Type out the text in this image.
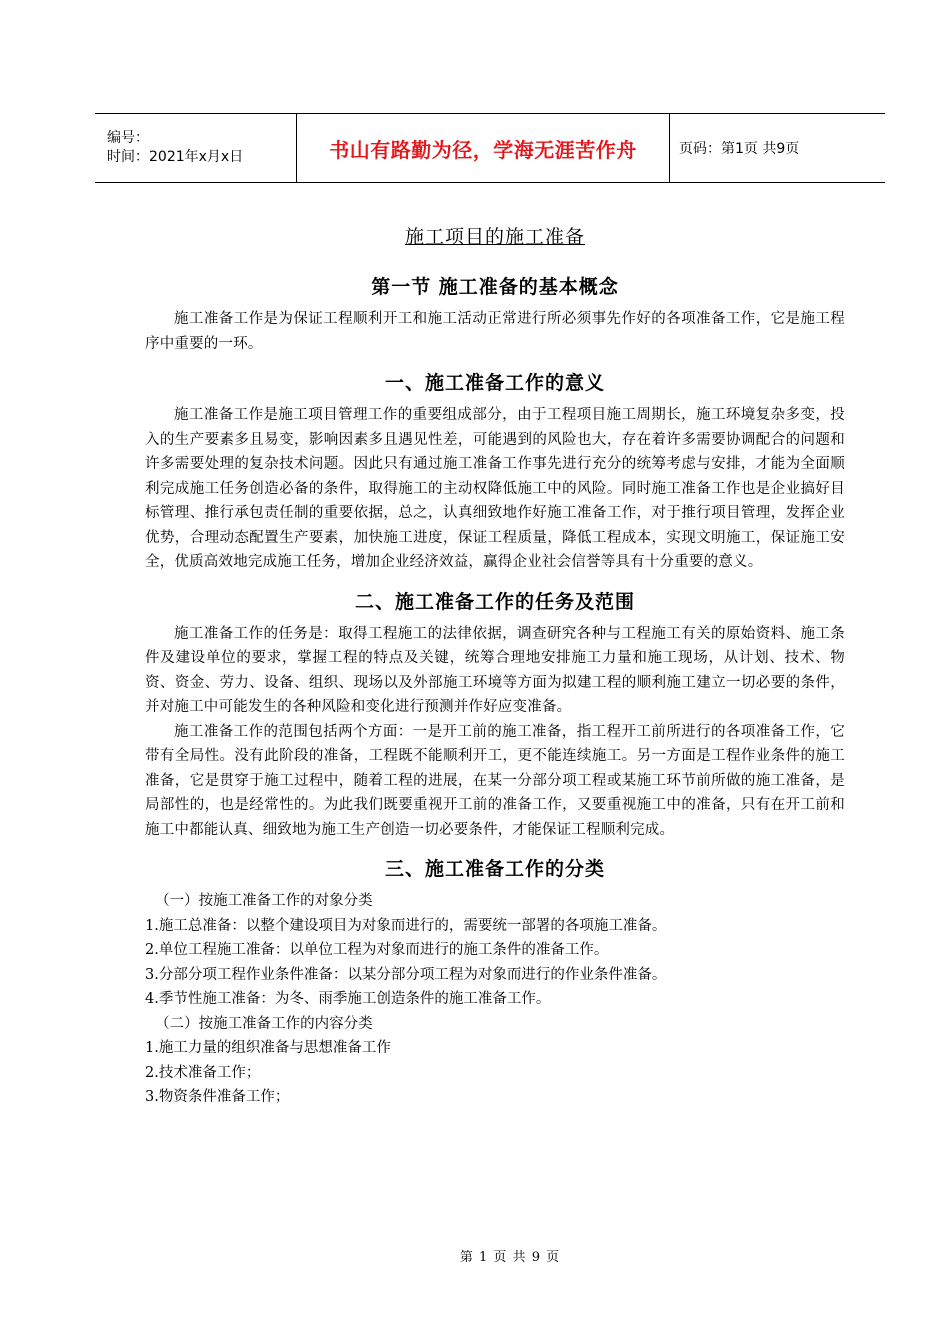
编号：
时间：2021年x月x日	书山有路勤为径，学海无涯苦作舟	页码：第1页 共9页
施工项目的施工准备
第一节 施工准备的基本概念

施工准备工作是为保证工程顺利开工和施工活动正常进行所必须事先作好的各项准备工作，它是施工程序中重要的一环。

一、施工准备工作的意义

施工准备工作是施工项目管理工作的重要组成部分，由于工程项目施工周期长，施工环境复杂多变，投入的生产要素多且易变，影响因素多且遇见性差，可能遇到的风险也大，存在着许多需要协调配合的问题和许多需要处理的复杂技术问题。因此只有通过施工准备工作事先进行充分的统筹考虑与安排，才能为全面顺利完成施工任务创造必备的条件，取得施工的主动权降低施工中的风险。同时施工准备工作也是企业搞好目标管理、推行承包责任制的重要依据，总之，认真细致地作好施工准备工作，对于推行项目管理，发挥企业优势，合理动态配置生产要素，加快施工进度，保证工程质量，降低工程成本，实现文明施工，保证施工安全，优质高效地完成施工任务，增加企业经济效益，赢得企业社会信誉等具有十分重要的意义。

二、施工准备工作的任务及范围

施工准备工作的任务是：取得工程施工的法律依据，调查研究各种与工程施工有关的原始资料、施工条件及建设单位的要求，掌握工程的特点及关键，统筹合理地安排施工力量和施工现场，从计划、技术、物资、资金、劳力、设备、组织、现场以及外部施工环境等方面为拟建工程的顺利施工建立一切必要的条件，并对施工中可能发生的各种风险和变化进行预测并作好应变准备。

施工准备工作的范围包括两个方面：一是开工前的施工准备，指工程开工前所进行的各项准备工作，它带有全局性。没有此阶段的准备，工程既不能顺利开工，更不能连续施工。另一方面是工程作业条件的施工准备，它是贯穿于施工过程中，随着工程的进展，在某一分部分项工程或某施工环节前所做的施工准备，是局部性的，也是经常性的。为此我们既要重视开工前的准备工作，又要重视施工中的准备，只有在开工前和施工中都能认真、细致地为施工生产创造一切必要条件，才能保证工程顺利完成。

三、施工准备工作的分类

（一）按施工准备工作的对象分类

1.施工总准备：以整个建设项目为对象而进行的，需要统一部署的各项施工准备。

2.单位工程施工准备：以单位工程为对象而进行的施工条件的准备工作。

3.分部分项工程作业条件准备：以某分部分项工程为对象而进行的作业条件准备。

4.季节性施工准备：为冬、雨季施工创造条件的施工准备工作。

（二）按施工准备工作的内容分类

1.施工力量的组织准备与思想准备工作

2.技术准备工作；

3.物资条件准备工作；

第 1 页 共 9 页
